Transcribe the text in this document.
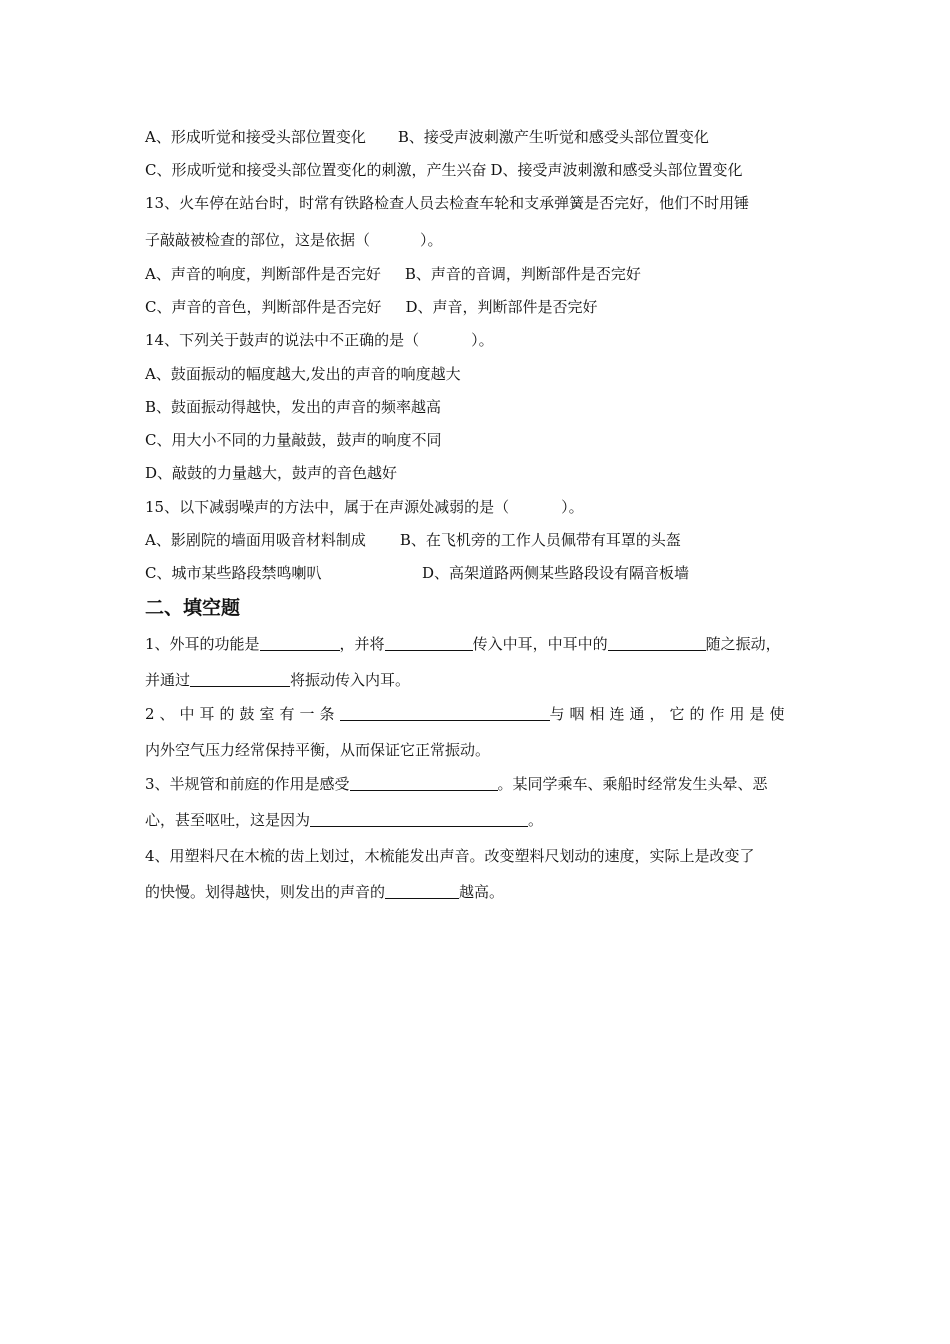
A、形成听觉和接受头部位置变化 B、接受声波刺激产生听觉和感受头部位置变化
C、形成听觉和接受头部位置变化的刺激，产生兴奋 D、接受声波刺激和感受头部位置变化
13、火车停在站台时，时常有铁路检查人员去检查车轮和支承弹簧是否完好，他们不时用锤
子敲敲被检查的部位，这是依据（	）。
A、声音的响度，判断部件是否完好 B、声音的音调，判断部件是否完好
C、声音的音色，判断部件是否完好 D、声音，判断部件是否完好
14、下列关于鼓声的说法中不正确的是（	）。
A、鼓面振动的幅度越大,发出的声音的响度越大
B、鼓面振动得越快，发出的声音的频率越高
C、用大小不同的力量敲鼓，鼓声的响度不同
D、敲鼓的力量越大，鼓声的音色越好
15、以下减弱噪声的方法中，属于在声源处减弱的是（	）。
A、影剧院的墙面用吸音材料制成 B、在飞机旁的工作人员佩带有耳罩的头盔
C、城市某些路段禁鸣喇叭	D、高架道路两侧某些路段设有隔音板墙
二、填空题
1、外耳的功能是	，并将	传入中耳，中耳中的	随之振动，
并通过	将振动传入内耳。
2、中耳的鼓室有一条	与咽相连通，它的作用是使
内外空气压力经常保持平衡，从而保证它正常振动。
3、半规管和前庭的作用是感受	。某同学乘车、乘船时经常发生头晕、恶
心，甚至呕吐，这是因为	。
4、用塑料尺在木梳的齿上划过，木梳能发出声音。改变塑料尺划动的速度，实际上是改变了
的快慢。划得越快，则发出的声音的	越高。
